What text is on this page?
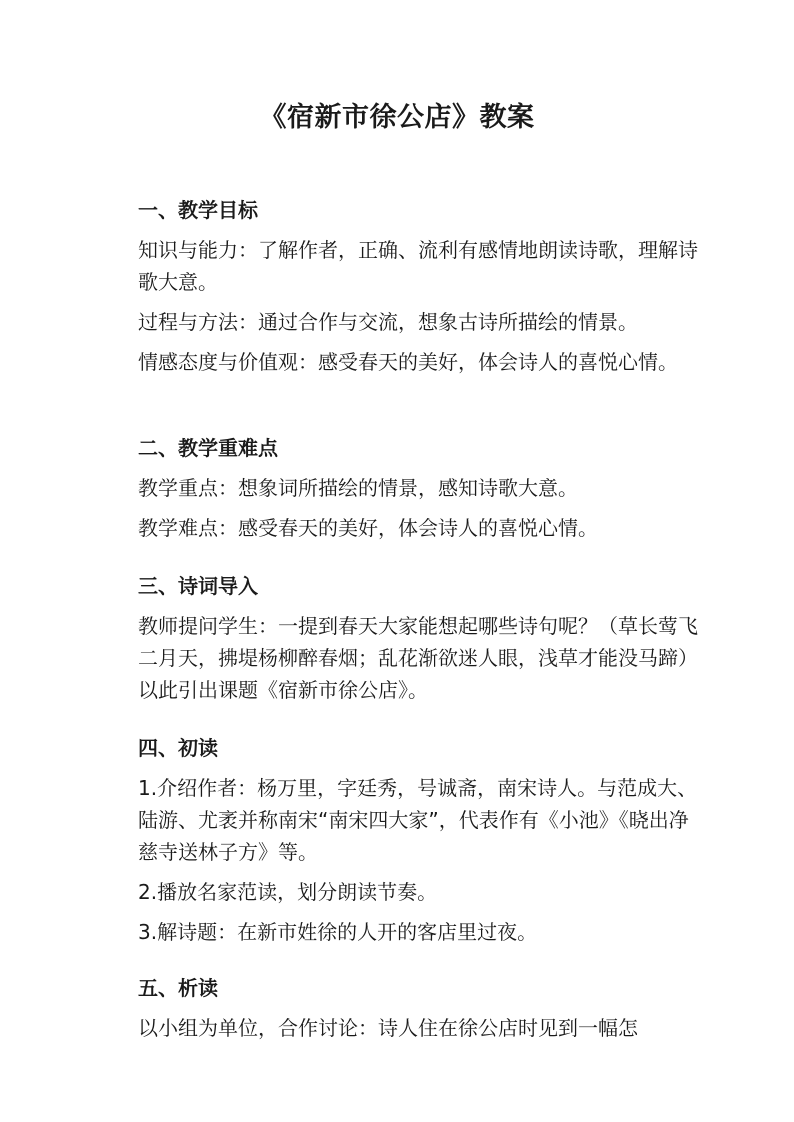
《宿新市徐公店》教案
一、教学目标

知识与能力：了解作者，正确、流利有感情地朗读诗歌，理解诗歌大意。

过程与方法：通过合作与交流，想象古诗所描绘的情景。

情感态度与价值观：感受春天的美好，体会诗人的喜悦心情。

二、教学重难点

教学重点：想象词所描绘的情景，感知诗歌大意。

教学难点：感受春天的美好，体会诗人的喜悦心情。

三、诗词导入

教师提问学生：一提到春天大家能想起哪些诗句呢？（草长莺飞二月天，拂堤杨柳醉春烟；乱花渐欲迷人眼，浅草才能没马蹄）以此引出课题《宿新市徐公店》。

四、初读

1.介绍作者：杨万里，字廷秀，号诚斋，南宋诗人。与范成大、陆游、尤袤并称南宋“南宋四大家”，代表作有《小池》《晓出净慈寺送林子方》等。

2.播放名家范读，划分朗读节奏。

3.解诗题：在新市姓徐的人开的客店里过夜。

五、析读

以小组为单位，合作讨论：诗人住在徐公店时见到一幅怎
